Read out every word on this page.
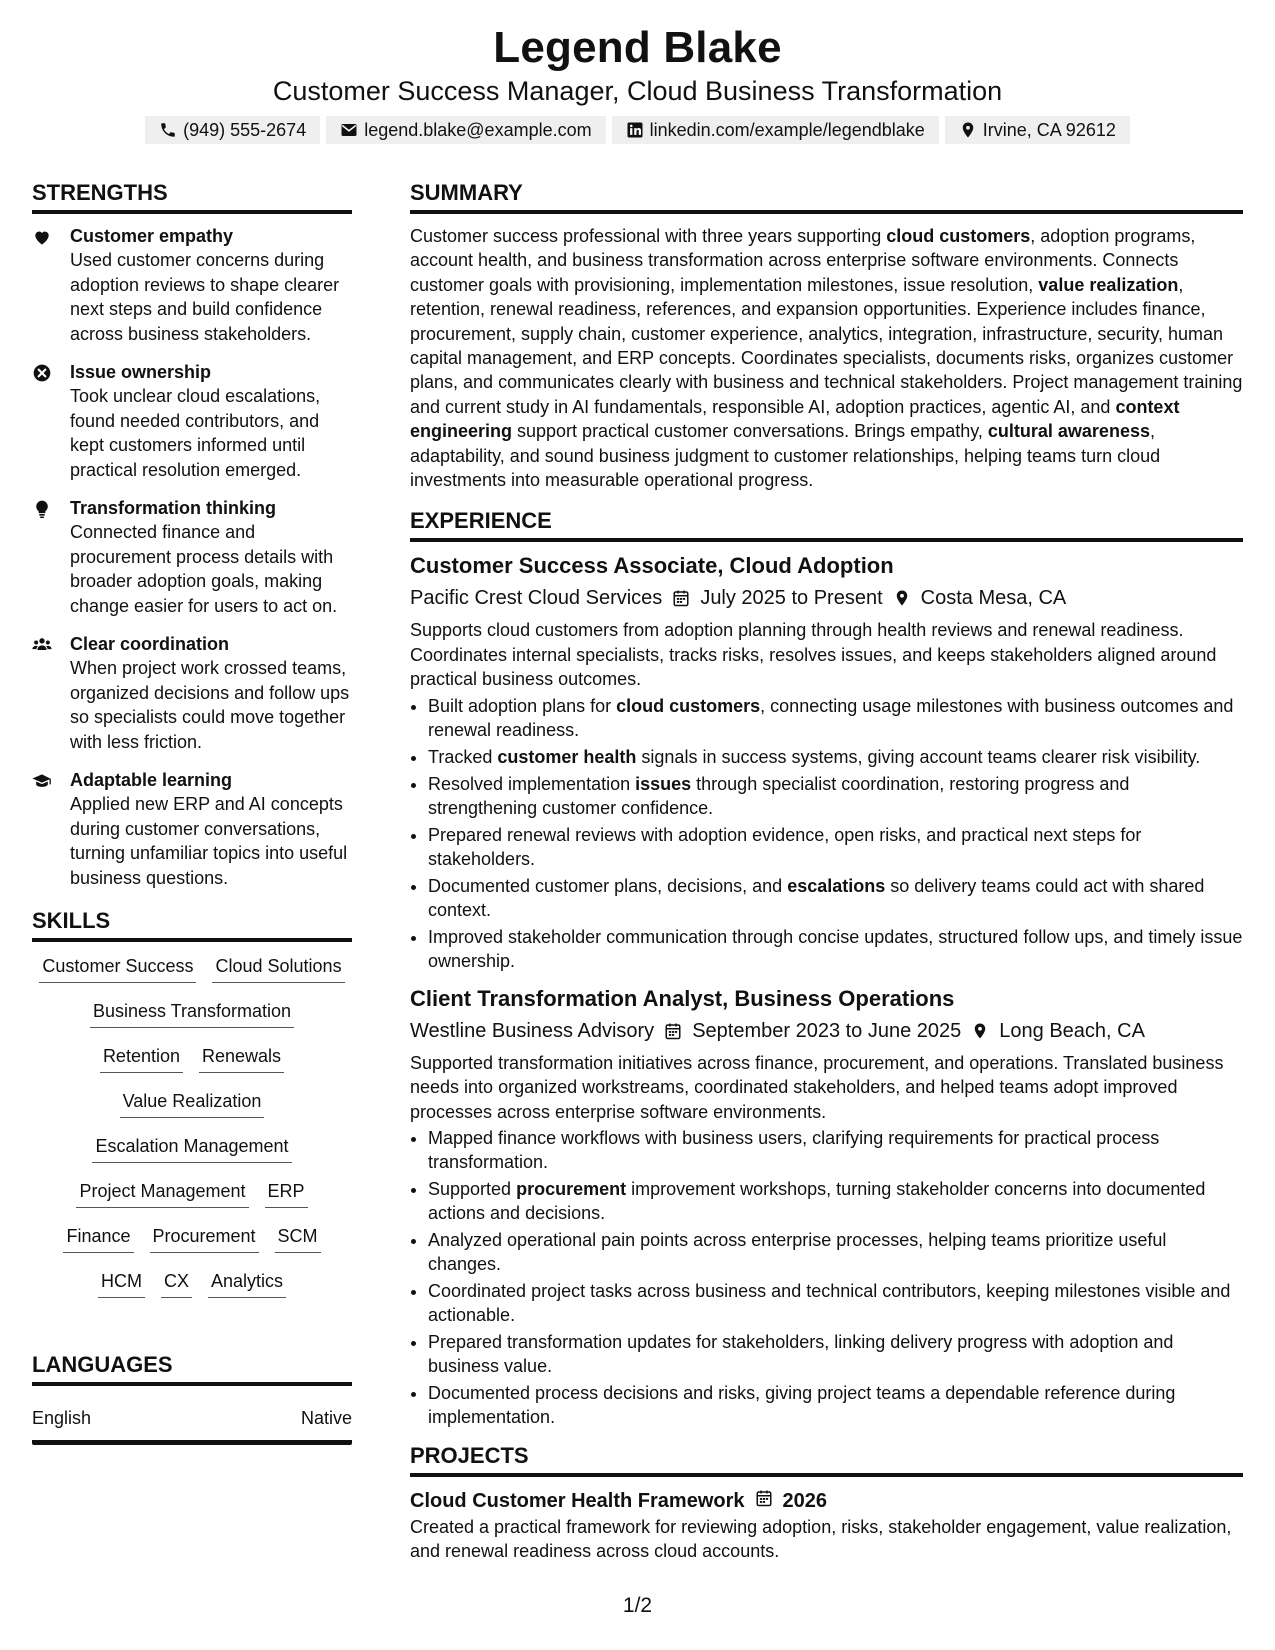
Legend Blake
Customer Success Manager, Cloud Business Transformation
(949) 555-2674	legend.blake@example.com	linkedin.com/example/legendblake	Irvine, CA 92612
STRENGTHS
Customer empathy
Used customer concerns during adoption reviews to shape clearer next steps and build confidence across business stakeholders.
Issue ownership
Took unclear cloud escalations, found needed contributors, and kept customers informed until practical resolution emerged.
Transformation thinking
Connected finance and procurement process details with broader adoption goals, making change easier for users to act on.
Clear coordination
When project work crossed teams, organized decisions and follow ups so specialists could move together with less friction.
Adaptable learning
Applied new ERP and AI concepts during customer conversations, turning unfamiliar topics into useful business questions.
SKILLS
Customer Success Cloud Solutions
Business Transformation
Retention Renewals
Value Realization
Escalation Management
Project Management ERP
Finance Procurement SCM
HCM CX Analytics
LANGUAGES
English	Native
SUMMARY

Customer success professional with three years supporting cloud customers, adoption programs, account health, and business transformation across enterprise software environments. Connects customer goals with provisioning, implementation milestones, issue resolution, value realization, retention, renewal readiness, references, and expansion opportunities. Experience includes finance, procurement, supply chain, customer experience, analytics, integration, infrastructure, security, human capital management, and ERP concepts. Coordinates specialists, documents risks, organizes customer plans, and communicates clearly with business and technical stakeholders. Project management training and current study in AI fundamentals, responsible AI, adoption practices, agentic AI, and context engineering support practical customer conversations. Brings empathy, cultural awareness, adaptability, and sound business judgment to customer relationships, helping teams turn cloud investments into measurable operational progress.

EXPERIENCE
Customer Success Associate, Cloud Adoption
Pacific Crest Cloud Services July 2025 to Present Costa Mesa, CA

Supports cloud customers from adoption planning through health reviews and renewal readiness. Coordinates internal specialists, tracks risks, resolves issues, and keeps stakeholders aligned around practical business outcomes.

• Built adoption plans for cloud customers, connecting usage milestones with business outcomes and renewal readiness.
• Tracked customer health signals in success systems, giving account teams clearer risk visibility.
• Resolved implementation issues through specialist coordination, restoring progress and strengthening customer confidence.
• Prepared renewal reviews with adoption evidence, open risks, and practical next steps for stakeholders.
• Documented customer plans, decisions, and escalations so delivery teams could act with shared context.
• Improved stakeholder communication through concise updates, structured follow ups, and timely issue ownership.
Client Transformation Analyst, Business Operations
Westline Business Advisory September 2023 to June 2025 Long Beach, CA

Supported transformation initiatives across finance, procurement, and operations. Translated business needs into organized workstreams, coordinated stakeholders, and helped teams adopt improved processes across enterprise software environments.

• Mapped finance workflows with business users, clarifying requirements for practical process transformation.
• Supported procurement improvement workshops, turning stakeholder concerns into documented actions and decisions.
• Analyzed operational pain points across enterprise processes, helping teams prioritize useful changes.
• Coordinated project tasks across business and technical contributors, keeping milestones visible and actionable.
• Prepared transformation updates for stakeholders, linking delivery progress with adoption and business value.
• Documented process decisions and risks, giving project teams a dependable reference during implementation.
PROJECTS
Cloud Customer Health Framework 2026

Created a practical framework for reviewing adoption, risks, stakeholder engagement, value realization, and renewal readiness across cloud accounts.

1/2
